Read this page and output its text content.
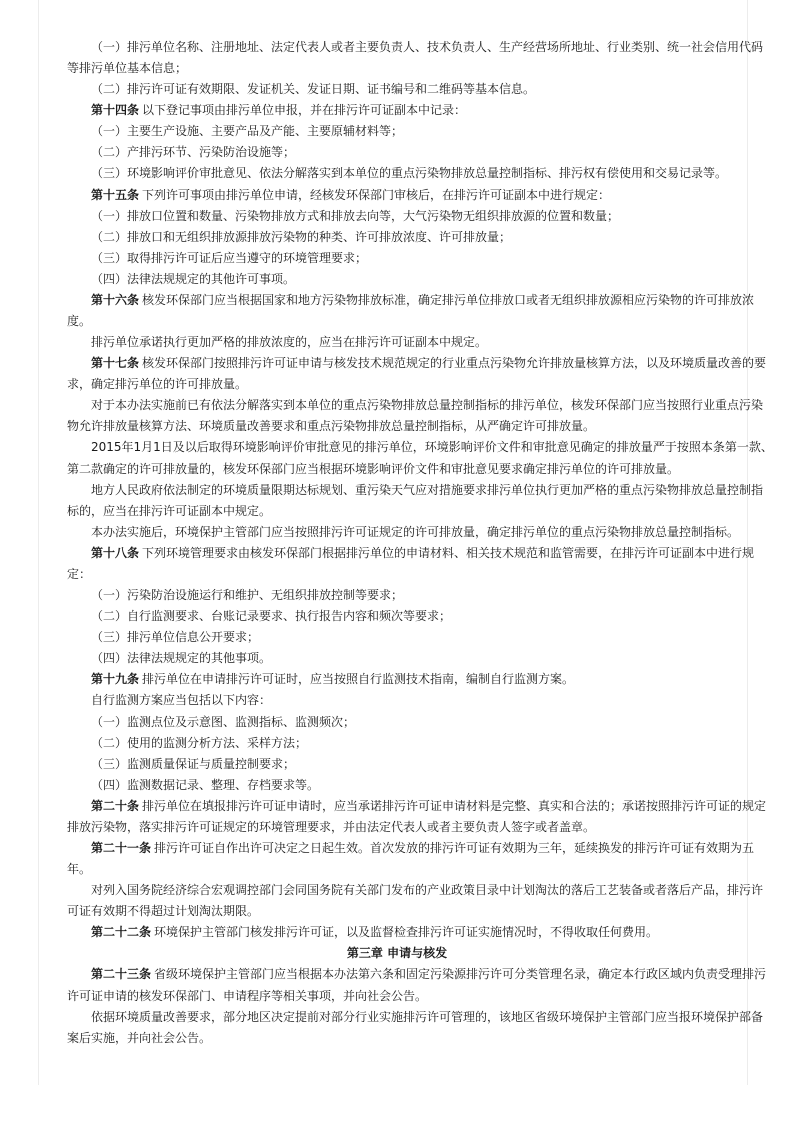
（一）排污单位名称、注册地址、法定代表人或者主要负责人、技术负责人、生产经营场所地址、行业类别、统一社会信用代码
等排污单位基本信息；
（二）排污许可证有效期限、发证机关、发证日期、证书编号和二维码等基本信息。
第十四条 以下登记事项由排污单位申报，并在排污许可证副本中记录：
（一）主要生产设施、主要产品及产能、主要原辅材料等；
（二）产排污环节、污染防治设施等；
（三）环境影响评价审批意见、依法分解落实到本单位的重点污染物排放总量控制指标、排污权有偿使用和交易记录等。
第十五条 下列许可事项由排污单位申请，经核发环保部门审核后，在排污许可证副本中进行规定：
（一）排放口位置和数量、污染物排放方式和排放去向等，大气污染物无组织排放源的位置和数量；
（二）排放口和无组织排放源排放污染物的种类、许可排放浓度、许可排放量；
（三）取得排污许可证后应当遵守的环境管理要求；
（四）法律法规规定的其他许可事项。
第十六条 核发环保部门应当根据国家和地方污染物排放标准，确定排污单位排放口或者无组织排放源相应污染物的许可排放浓
度。
排污单位承诺执行更加严格的排放浓度的，应当在排污许可证副本中规定。
第十七条 核发环保部门按照排污许可证申请与核发技术规范规定的行业重点污染物允许排放量核算方法，以及环境质量改善的要
求，确定排污单位的许可排放量。
对于本办法实施前已有依法分解落实到本单位的重点污染物排放总量控制指标的排污单位，核发环保部门应当按照行业重点污染
物允许排放量核算方法、环境质量改善要求和重点污染物排放总量控制指标，从严确定许可排放量。
2015年1月1日及以后取得环境影响评价审批意见的排污单位，环境影响评价文件和审批意见确定的排放量严于按照本条第一款、
第二款确定的许可排放量的，核发环保部门应当根据环境影响评价文件和审批意见要求确定排污单位的许可排放量。
地方人民政府依法制定的环境质量限期达标规划、重污染天气应对措施要求排污单位执行更加严格的重点污染物排放总量控制指
标的，应当在排污许可证副本中规定。
本办法实施后，环境保护主管部门应当按照排污许可证规定的许可排放量，确定排污单位的重点污染物排放总量控制指标。
第十八条 下列环境管理要求由核发环保部门根据排污单位的申请材料、相关技术规范和监管需要，在排污许可证副本中进行规
定：
（一）污染防治设施运行和维护、无组织排放控制等要求；
（二）自行监测要求、台账记录要求、执行报告内容和频次等要求；
（三）排污单位信息公开要求；
（四）法律法规规定的其他事项。
第十九条 排污单位在申请排污许可证时，应当按照自行监测技术指南，编制自行监测方案。
自行监测方案应当包括以下内容：
（一）监测点位及示意图、监测指标、监测频次；
（二）使用的监测分析方法、采样方法；
（三）监测质量保证与质量控制要求；
（四）监测数据记录、整理、存档要求等。
第二十条 排污单位在填报排污许可证申请时，应当承诺排污许可证申请材料是完整、真实和合法的；承诺按照排污许可证的规定
排放污染物，落实排污许可证规定的环境管理要求，并由法定代表人或者主要负责人签字或者盖章。
第二十一条 排污许可证自作出许可决定之日起生效。首次发放的排污许可证有效期为三年，延续换发的排污许可证有效期为五
年。
对列入国务院经济综合宏观调控部门会同国务院有关部门发布的产业政策目录中计划淘汰的落后工艺装备或者落后产品，排污许
可证有效期不得超过计划淘汰期限。
第二十二条 环境保护主管部门核发排污许可证，以及监督检查排污许可证实施情况时，不得收取任何费用。
第三章 申请与核发
第二十三条 省级环境保护主管部门应当根据本办法第六条和固定污染源排污许可分类管理名录，确定本行政区域内负责受理排污
许可证申请的核发环保部门、申请程序等相关事项，并向社会公告。
依据环境质量改善要求，部分地区决定提前对部分行业实施排污许可管理的，该地区省级环境保护主管部门应当报环境保护部备
案后实施，并向社会公告。
